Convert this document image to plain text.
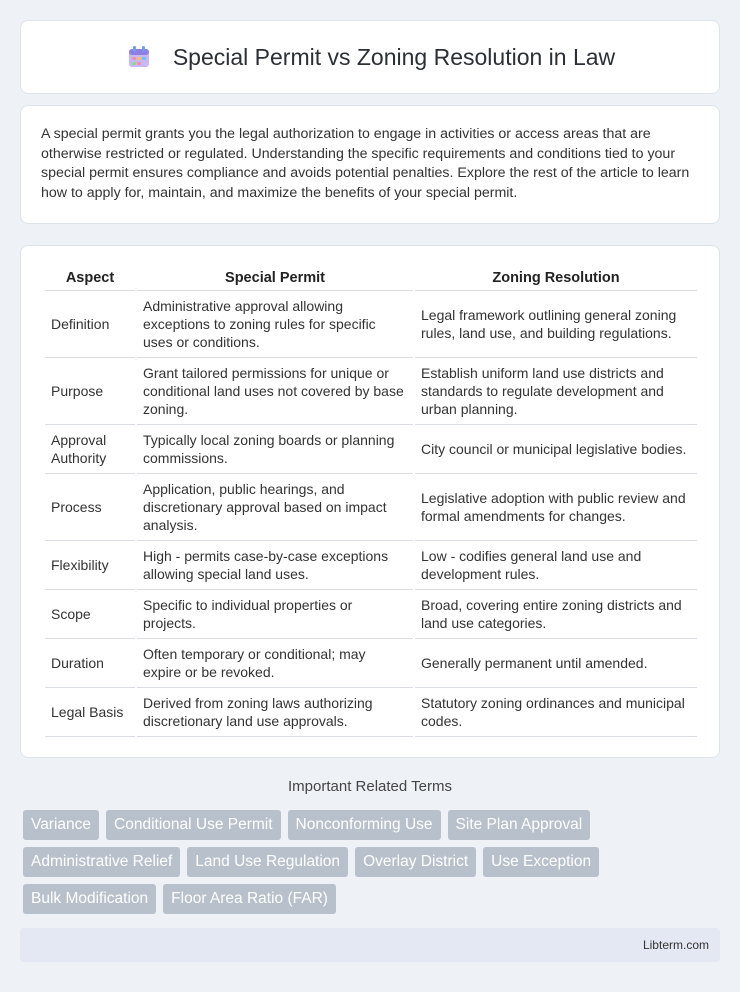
Special Permit vs Zoning Resolution in Law

A special permit grants you the legal authorization to engage in activities or access areas that are otherwise restricted or regulated. Understanding the specific requirements and conditions tied to your special permit ensures compliance and avoids potential penalties. Explore the rest of the article to learn how to apply for, maintain, and maximize the benefits of your special permit.

Aspect	Special Permit	Zoning Resolution
Definition	Administrative approval allowing exceptions to zoning rules for specific uses or conditions.	Legal framework outlining general zoning rules, land use, and building regulations.
Purpose	Grant tailored permissions for unique or conditional land uses not covered by base zoning.	Establish uniform land use districts and standards to regulate development and urban planning.
Approval Authority	Typically local zoning boards or planning commissions.	City council or municipal legislative bodies.
Process	Application, public hearings, and discretionary approval based on impact analysis.	Legislative adoption with public review and formal amendments for changes.
Flexibility	High - permits case-by-case exceptions allowing special land uses.	Low - codifies general land use and development rules.
Scope	Specific to individual properties or projects.	Broad, covering entire zoning districts and land use categories.
Duration	Often temporary or conditional; may expire or be revoked.	Generally permanent until amended.
Legal Basis	Derived from zoning laws authorizing discretionary land use approvals.	Statutory zoning ordinances and municipal codes.
Important Related Terms
Variance	Conditional Use Permit	Nonconforming Use	Site Plan Approval
Administrative Relief	Land Use Regulation	Overlay District	Use Exception
Bulk Modification	Floor Area Ratio (FAR)
Libterm.com
